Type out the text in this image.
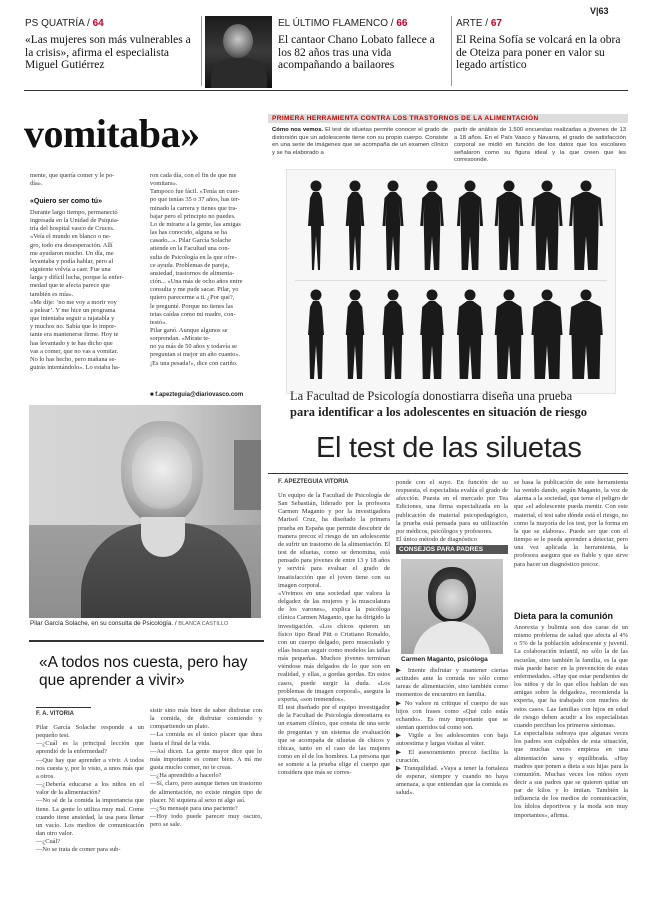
PS QUATRÍA / 64
«Las mujeres son más vulnerables a la crisis», afirma el especialista Miguel Gutiérrez
EL ÚLTIMO FLAMENCO / 66
El cantaor Chano Lobato fallece a los 82 años tras una vida acompañando a bailaores
ARTE / 67
El Reina Sofía se volcará en la obra de Oteiza para poner en valor su legado artístico
V|63
vomitaba»
mente, que quería comer y le po-
día».
«Quiero ser como tú»
Durante largo tiempo, permaneció
ingresada en la Unidad de Psiquia-
tría del hospital vasco de Cruces.
«Veía el mundo en blanco o ne-
gro, todo era desesperación. Allí
me ayudaron mucho. Un día, me
levantaba y podía hablar, pero al
siguiente volvía a caer. Fue una
larga y difícil lucha, porque la enfer-
medad que te afecta parece que
también es mía».
«Me dije: ‘no me voy a morir voy
a pelear’. Y me hice un programa
que intentaba seguir a rajatabla y
y muchos no. Sabía que lo impor-
tante era mantenerse firme. Hoy te
has levantado y te has dicho que
vas a comer, que no vas a vomitar.
No lo has hecho, pero mañana se-
guirás intentándolo». Lo estaba ha-
ron cada día, con el fin de que me
vomitara».
Tampoco fue fácil. «Tenía un cuer-
po que tenías 35 o 37 años, has ter-
minado la carrera y tienes que tra-
bajar pero el principio no puedes.
Lo de mirarte a la gente, las amigas
las has conocido, alguna se ha
casado...». Pilar García Solache
atiende en la Facultad una con-
sulta de Psicología en la que ofre-
ce ayuda. Problemas de pareja,
ansiedad, trastornos de alimenta-
ción... «Una más de ocho años entre
consulta y me pude sacar. Pilar, yo
quiero parecerme a ti. ¿Por qué?,
le pregunté. Porque no tienes las
tetas caídas como mi madre, con-
testó».
Pilar ganó. Aunque algunos se
sorprendan. «Mírate te-
no ya más de 50 años y todavía se
preguntan si mejor un año cuanto».
¡Es una pesada!», dice con cariño.
■ f.apezteguia@diariovasco.com
Pilar García Solache, en su consulta de Psicología. / BLANCA CASTILLO
«A todos nos cuesta, pero hay que aprender a vivir»
F. A. VITORIA
Pilar García Solache responde a un pequeño test.
—¿Cuál es la principal lección que aprendió de la enfermedad?
—Que hay que aprender a vivir. A todos nos cuesta y, por lo visto, a unos más que a otros.
—¿Debería educarse a los niños en el valor de la alimentación?
—No sé de la comida la importancia que tiene. La gente lo utiliza muy mal. Come cuando tiene ansiedad, la usa para llenar un vacío. Los medios de comunicación dan otro valor.
—¿Cuál?
—No se trata de comer para sub-
sistir sino más bien de saber disfrutar con la comida, de disfrutar comiendo y compartiendo un plato.
—La comida es el único placer que dura hasta el final de la vida.
—Así dicen. La gente mayor dice que lo más importante es comer bien. A mí me gusta mucho comer, no te creas.
—¿Ha aprendido a hacerlo?
—Sí, claro, pero aunque tienes un trastorno de alimentación, no existe ningún tipo de placer. Ni siquiera al sexo ni algo así.
—¿Su mensaje para una paciente?
—Hoy todo puede parecer muy oscuro, pero se sale.
PRIMERA HERRAMIENTA CONTRA LOS TRASTORNOS DE LA ALIMENTACIÓN
Cómo nos vemos. El test de siluetas permite conocer el grado de distorsión que un adolescente tiene con su propio cuerpo. Consiste en una serie de imágenes que se acompaña de un examen clínico y se ha elaborado a
partir de análisis de 1.500 encuestas realizadas a jóvenes de 13 a 18 años. En el País Vasco y Navarra, el grado de satisfacción corporal se midió en función de los datos que los escolares señalaron como su figura ideal y la que creen que les corresponde.
La Facultad de Psicología donostiarra diseña una prueba
para identificar a los adolescentes en situación de riesgo
El test de las siluetas
F. APEZTEGUIA VITORIA
Un equipo de la Facultad de Psicología de San Sebastián, liderado por la profesora Carmen Maganto y por la investigadora Marisol Cruz, ha diseñado la primera prueba en España que permite descubrir de manera precoz el riesgo de un adolescente de sufrir un trastorno de la alimentación. El test de siluetas, como se denomina, está pensado para jóvenes de entre 13 y 18 años y servirá para evaluar el grado de insatisfacción que el joven tiene con su imagen corporal.
«Vivimos en una sociedad que valora la delgadez de las mujeres y la musculatura de los varones», explica la psicóloga clínica Carmen Maganto, que ha dirigido la investigación. «Los chicos quieren un físico tipo Brad Pitt o Cristiano Ronaldo, con un cuerpo delgado, pero musculado y ellas buscan seguir como modelos las tallas más pequeñas. Muchos jóvenes terminan viéndose más delgados de lo que son en realidad, y ellas, a gordas gordas. En estos casos, puede surgir la duda. «Los problemas de imagen corporal», asegura la experta, «son tremendos».
El test diseñado por el equipo investigador de la Facultad de Psicología donostiarra es un examen clínico, que consta de una serie de preguntas y un sistema de evaluación que se acompaña de siluetas de chicos y chicas, tanto en el caso de las mujeres como en el de los hombres. La persona que se somete a la prueba elige el cuerpo que considera que más se corres-
ponde con el suyo. En función de su respuesta, el especialista evalúa el grado de afección. Puesta en el mercado por Tea Ediciones, una firma especializada en la publicación de material psicopedagógico, la prueba está pensada para su utilización por médicos, psicólogos y profesores.
El único método de diagnóstico
CONSEJOS PARA PADRES
Carmen Maganto, psicóloga
▶ Intente disfrutar y mantener ciertas actitudes ante la comida no sólo como tareas de alimentación, sino también como momentos de encuentro en familia.
▶ No valore ni critique el cuerpo de sus hijos con frases como «Qué culo estás echando». Es muy importante que se sientan queridos tal como son.
▶ Vigile a los adolescentes con baja autoestima y largas visitas al váter.
▶ El asesoramiento precoz facilita la curación.
▶ Tranquilidad. «Vaya a tener la fortaleza de esperar, siempre y cuando no haya amenaza, a que entiendan que la comida es salud».
se basa la publicación de este herramienta ha venido dando, según Maganto, la voz de alarma a la sociedad, que teme el peligro de que «el adolescente pueda mentir. Con este material, el test sabe dónde está el riesgo, no como la mayoría de los test, por la forma en la que se elabora». Puede ser que con el tiempo se le pueda aprender a detectar, pero una vez aplicada la herramienta, la profesora asegura que es fiable y que sirve para hacer un diagnóstico precoz.
Dieta para la comunión
Anorexia y bulimia son dos caras de un mismo problema de salud que afecta al 4% o 5% de la población adolescente y juvenil. La colaboración infantil, no sólo la de las escuelas, sino también la familia, es la que más puede hacer en la prevención de estas enfermedades. «Hay que estar pendientes de los niños y de lo que ellos hablan de sus amigas sobre la delgadez», recomienda la experta, que ha trabajado con muchos de estos casos. Las familias con hijos en edad de riesgo deben acudir a los especialistas cuando perciban los primeros síntomas.
La especialista subraya que algunas veces los padres son culpables de esta situación, que muchas veces empieza en una alimentación sana y equilibrada. «Hay madres que ponen a dieta a sus hijas para la comunión. Muchas veces los niños oyen decir a sus padres que se quieren quitar un par de kilos y lo imitan. También la influencia de los medios de comunicación, los ídolos deportivos y la moda son muy importantes», afirma.
